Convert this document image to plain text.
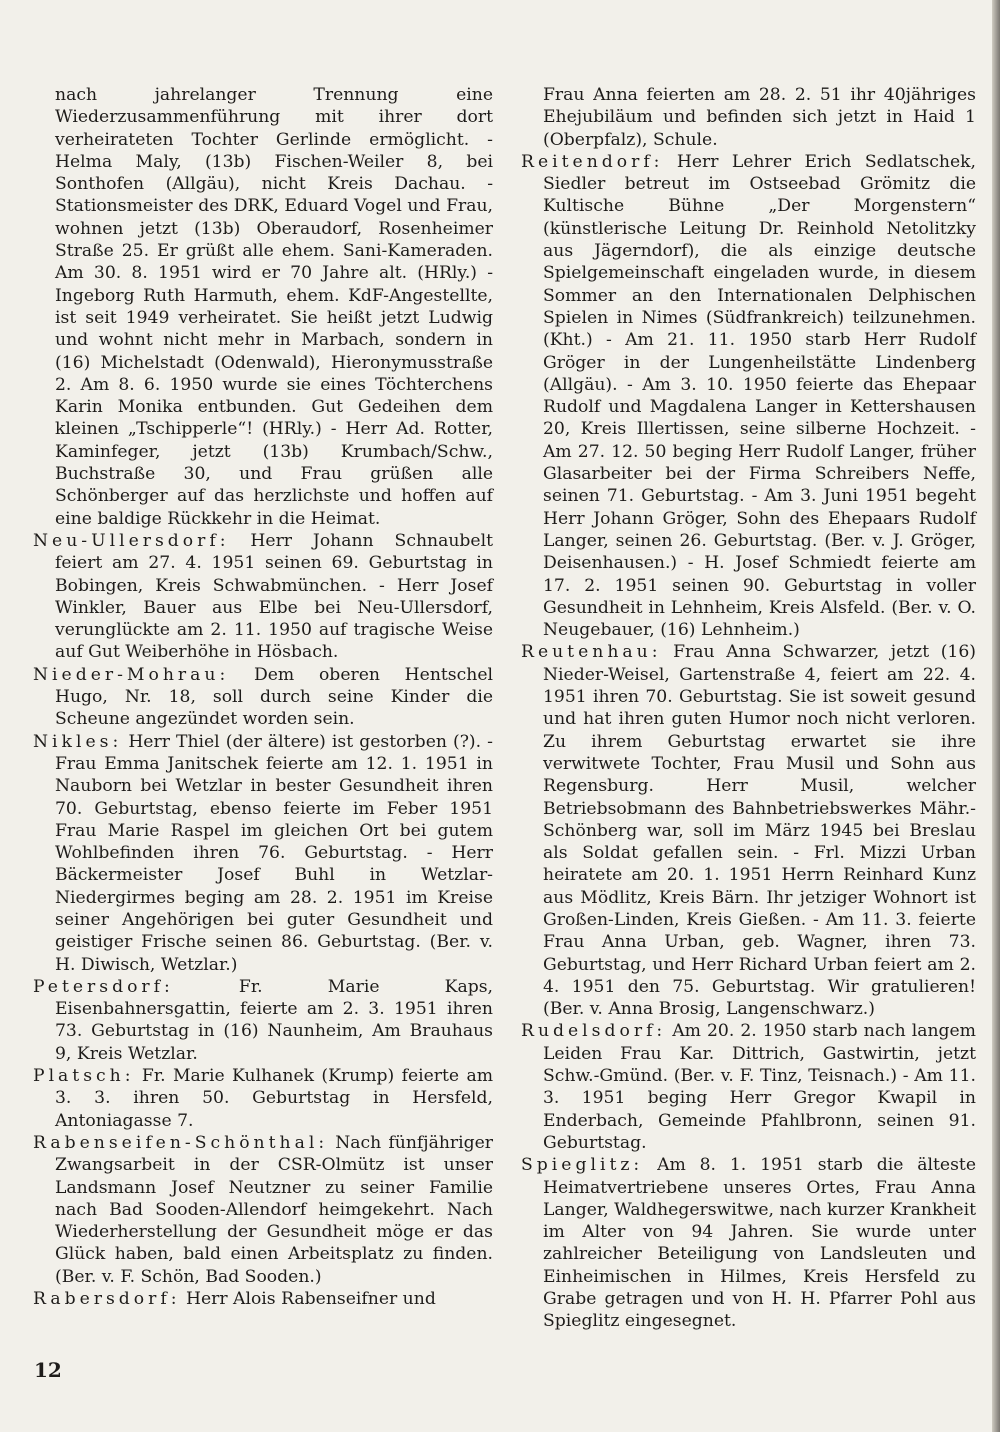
nach jahrelanger Trennung eine Wiederzusammenführung mit ihrer dort verheirateten Tochter Gerlinde ermöglicht. - Helma Maly, (13b) Fischen-Weiler 8, bei Sonthofen (Allgäu), nicht Kreis Dachau. - Stationsmeister des DRK, Eduard Vogel und Frau, wohnen jetzt (13b) Oberaudorf, Rosenheimer Straße 25. Er grüßt alle ehem. Sani-Kameraden. Am 30. 8. 1951 wird er 70 Jahre alt. (HRly.) - Ingeborg Ruth Harmuth, ehem. KdF-Angestellte, ist seit 1949 verheiratet. Sie heißt jetzt Ludwig und wohnt nicht mehr in Marbach, sondern in (16) Michelstadt (Odenwald), Hieronymusstraße 2. Am 8. 6. 1950 wurde sie eines Töchterchens Karin Monika entbunden. Gut Gedeihen dem kleinen „Tschipperle“! (HRly.) - Herr Ad. Rotter, Kaminfeger, jetzt (13b) Krumbach/Schw., Buchstraße 30, und Frau grüßen alle Schönberger auf das herzlichste und hoffen auf eine baldige Rückkehr in die Heimat.

Neu-Ullersdorf: Herr Johann Schnaubelt feiert am 27. 4. 1951 seinen 69. Geburtstag in Bobingen, Kreis Schwabmünchen. - Herr Josef Winkler, Bauer aus Elbe bei Neu-Ullersdorf, verunglückte am 2. 11. 1950 auf tragische Weise auf Gut Weiberhöhe in Hösbach.

Nieder-Mohrau: Dem oberen Hentschel Hugo, Nr. 18, soll durch seine Kinder die Scheune angezündet worden sein.

Nikles: Herr Thiel (der ältere) ist gestorben (?). - Frau Emma Janitschek feierte am 12. 1. 1951 in Nauborn bei Wetzlar in bester Gesundheit ihren 70. Geburtstag, ebenso feierte im Feber 1951 Frau Marie Raspel im gleichen Ort bei gutem Wohlbefinden ihren 76. Geburtstag. - Herr Bäckermeister Josef Buhl in Wetzlar-Niedergirmes beging am 28. 2. 1951 im Kreise seiner Angehörigen bei guter Gesundheit und geistiger Frische seinen 86. Geburtstag. (Ber. v. H. Diwisch, Wetzlar.)

Petersdorf:	Fr. Marie Kaps, Eisenbahnersgattin, feierte am 2. 3. 1951 ihren 73. Geburtstag in (16) Naunheim, Am Brauhaus 9, Kreis Wetzlar.

Platsch: Fr. Marie Kulhanek (Krump) feierte am 3. 3. ihren 50. Geburtstag in Hersfeld, Antoniagasse 7.

Rabenseifen-Schönthal: Nach fünfjähriger Zwangsarbeit in der CSR-Olmütz ist unser Landsmann Josef Neutzner zu seiner Familie nach Bad Sooden-Allendorf heimgekehrt. Nach Wiederherstellung der Gesundheit möge er das Glück haben, bald einen Arbeitsplatz zu finden. (Ber. v. F. Schön, Bad Sooden.)

Rabersdorf: Herr Alois Rabenseifner und

Frau Anna feierten am 28. 2. 51 ihr 40jähriges Ehejubiläum und befinden sich jetzt in Haid 1 (Oberpfalz), Schule.

Reitendorf: Herr Lehrer Erich Sedlatschek, Siedler betreut im Ostseebad Grömitz die Kultische Bühne „Der Morgenstern“ (künstlerische Leitung Dr. Reinhold Netolitzky aus Jägerndorf), die als einzige deutsche Spielgemeinschaft eingeladen wurde, in diesem Sommer an den Internationalen Delphischen Spielen in Nimes (Südfrankreich) teilzunehmen. (Kht.) - Am 21. 11. 1950 starb Herr Rudolf Gröger in der Lungenheilstätte Lindenberg (Allgäu). - Am 3. 10. 1950 feierte das Ehepaar Rudolf und Magdalena Langer in Kettershausen 20, Kreis Illertissen, seine silberne Hochzeit. - Am 27. 12. 50 beging Herr Rudolf Langer, früher Glasarbeiter bei der Firma Schreibers Neffe, seinen 71. Geburtstag. - Am 3. Juni 1951 begeht Herr Johann Gröger, Sohn des Ehepaars Rudolf Langer, seinen 26. Geburtstag. (Ber. v. J. Gröger, Deisenhausen.) - H. Josef Schmiedt feierte am 17. 2. 1951 seinen 90. Geburtstag in voller Gesundheit in Lehnheim, Kreis Alsfeld. (Ber. v. O. Neugebauer, (16) Lehnheim.)

Reutenhau: Frau Anna Schwarzer, jetzt (16) Nieder-Weisel, Gartenstraße 4, feiert am 22. 4. 1951 ihren 70. Geburtstag. Sie ist soweit gesund und hat ihren guten Humor noch nicht verloren. Zu ihrem Geburtstag erwartet sie ihre verwitwete Tochter, Frau Musil und Sohn aus Regensburg. Herr Musil, welcher Betriebsobmann des Bahnbetriebswerkes Mähr.-Schönberg war, soll im März 1945 bei Breslau als Soldat gefallen sein. - Frl. Mizzi Urban heiratete am 20. 1. 1951 Herrn Reinhard Kunz aus Mödlitz, Kreis Bärn. Ihr jetziger Wohnort ist Großen-Linden, Kreis Gießen. - Am 11. 3. feierte Frau Anna Urban, geb. Wagner, ihren 73. Geburtstag, und Herr Richard Urban feiert am 2. 4. 1951 den 75. Geburtstag. Wir gratulieren! (Ber. v. Anna Brosig, Langenschwarz.)

Rudelsdorf: Am 20. 2. 1950 starb nach langem Leiden Frau Kar. Dittrich, Gastwirtin, jetzt Schw.-Gmünd. (Ber. v. F. Tinz, Teisnach.) - Am 11. 3. 1951 beging Herr Gregor Kwapil in Enderbach, Gemeinde Pfahlbronn, seinen 91. Geburtstag.

Spieglitz: Am 8. 1. 1951 starb die älteste Heimatvertriebene unseres Ortes, Frau Anna Langer, Waldhegerswitwe, nach kurzer Krankheit im Alter von 94 Jahren. Sie wurde unter zahlreicher Beteiligung von Landsleuten und Einheimischen in Hilmes, Kreis Hersfeld zu Grabe getragen und von H. H. Pfarrer Pohl aus Spieglitz eingesegnet.

12
